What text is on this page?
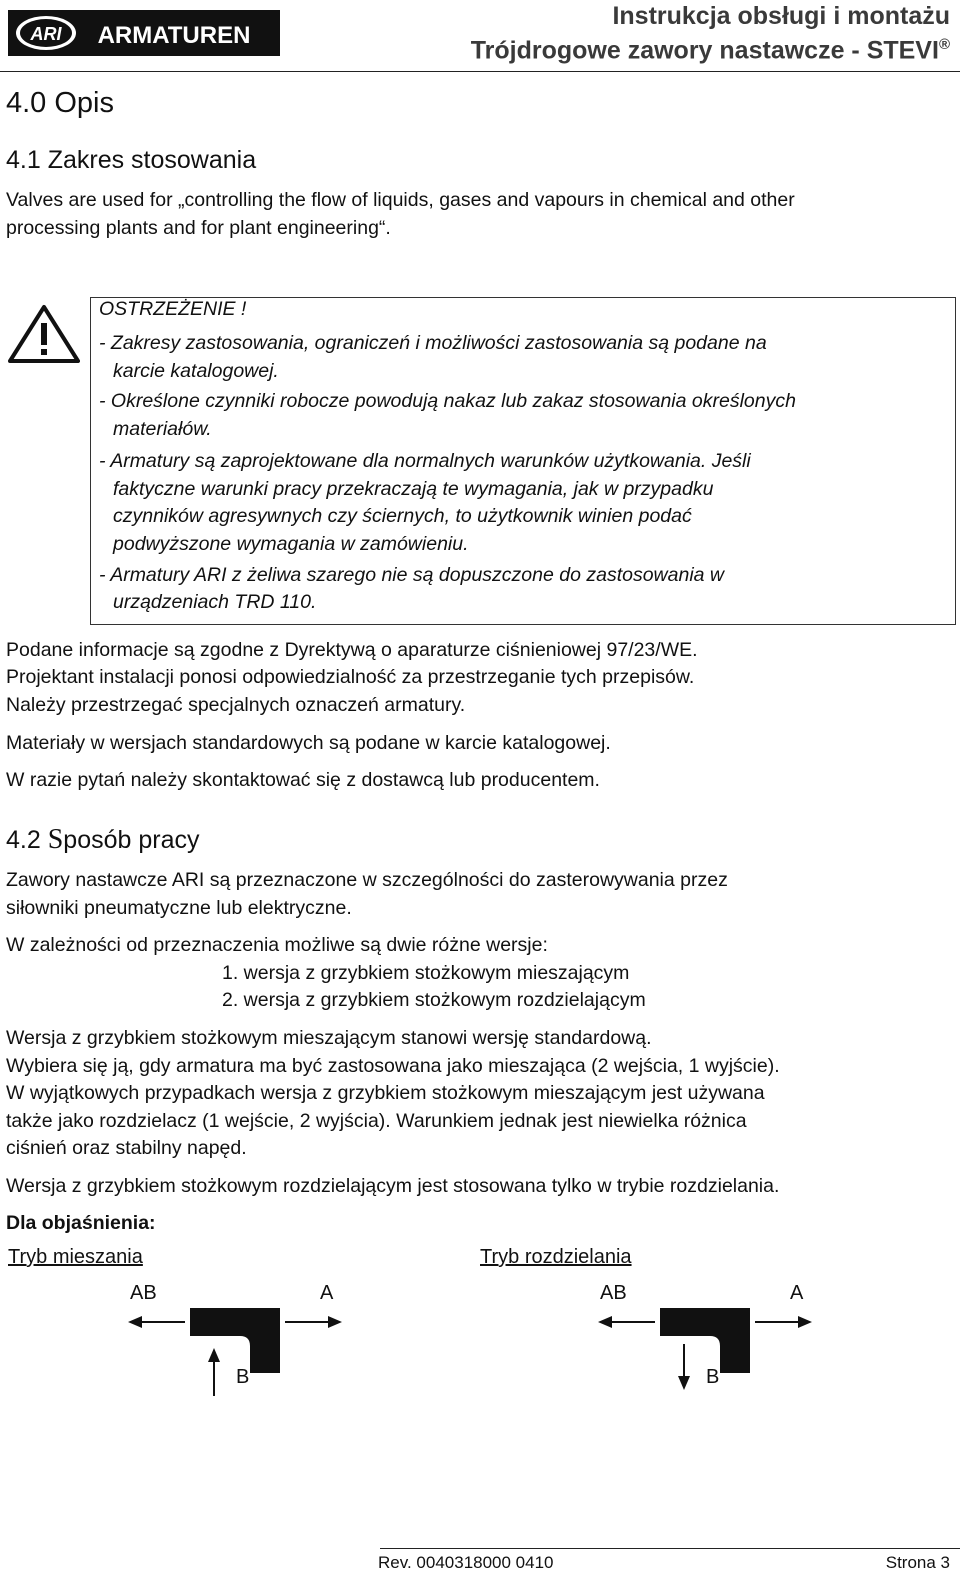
ARI ARMATUREN
Instrukcja obsługi i montażu
Trójdrogowe zawory nastawcze - STEVI®
4.0 Opis
4.1 Zakres stosowania
Valves are used for „controlling the flow of liquids, gases and vapours in chemical and other
processing plants and for plant engineering“.
OSTRZEŻENIE !
- Zakresy zastosowania, ograniczeń i możliwości zastosowania są podane na
karcie katalogowej.
- Określone czynniki robocze powodują nakaz lub zakaz stosowania określonych
materiałów.
- Armatury są zaprojektowane dla normalnych warunków użytkowania. Jeśli
faktyczne warunki pracy przekraczają te wymagania, jak w przypadku
czynników agresywnych czy ściernych, to użytkownik winien podać
podwyższone wymagania w zamówieniu.
- Armatury ARI z żeliwa szarego nie są dopuszczone do zastosowania w
urządzeniach TRD 110.
Podane informacje są zgodne z Dyrektywą o aparaturze ciśnieniowej 97/23/WE.
Projektant instalacji ponosi odpowiedzialność za przestrzeganie tych przepisów.
Należy przestrzegać specjalnych oznaczeń armatury.
Materiały w wersjach standardowych są podane w karcie katalogowej.
W razie pytań należy skontaktować się z dostawcą lub producentem.
4.2 Sposób pracy
Zawory nastawcze ARI są przeznaczone w szczególności do zasterowywania przez
siłowniki pneumatyczne lub elektryczne.
W zależności od przeznaczenia możliwe są dwie różne wersje:
1. wersja z grzybkiem stożkowym mieszającym
2. wersja z grzybkiem stożkowym rozdzielającym
Wersja z grzybkiem stożkowym mieszającym stanowi wersję standardową.
Wybiera się ją, gdy armatura ma być zastosowana jako mieszająca (2 wejścia, 1 wyjście).
W wyjątkowych przypadkach wersja z grzybkiem stożkowym mieszającym jest używana
także jako rozdzielacz (1 wejście, 2 wyjścia). Warunkiem jednak jest niewielka różnica
ciśnień oraz stabilny napęd.
Wersja z grzybkiem stożkowym rozdzielającym jest stosowana tylko w trybie rozdzielania.
Dla objaśnienia:
Tryb mieszania
AB	A
B
Tryb rozdzielania
AB	A
B
Rev. 0040318000 0410	Strona 3
